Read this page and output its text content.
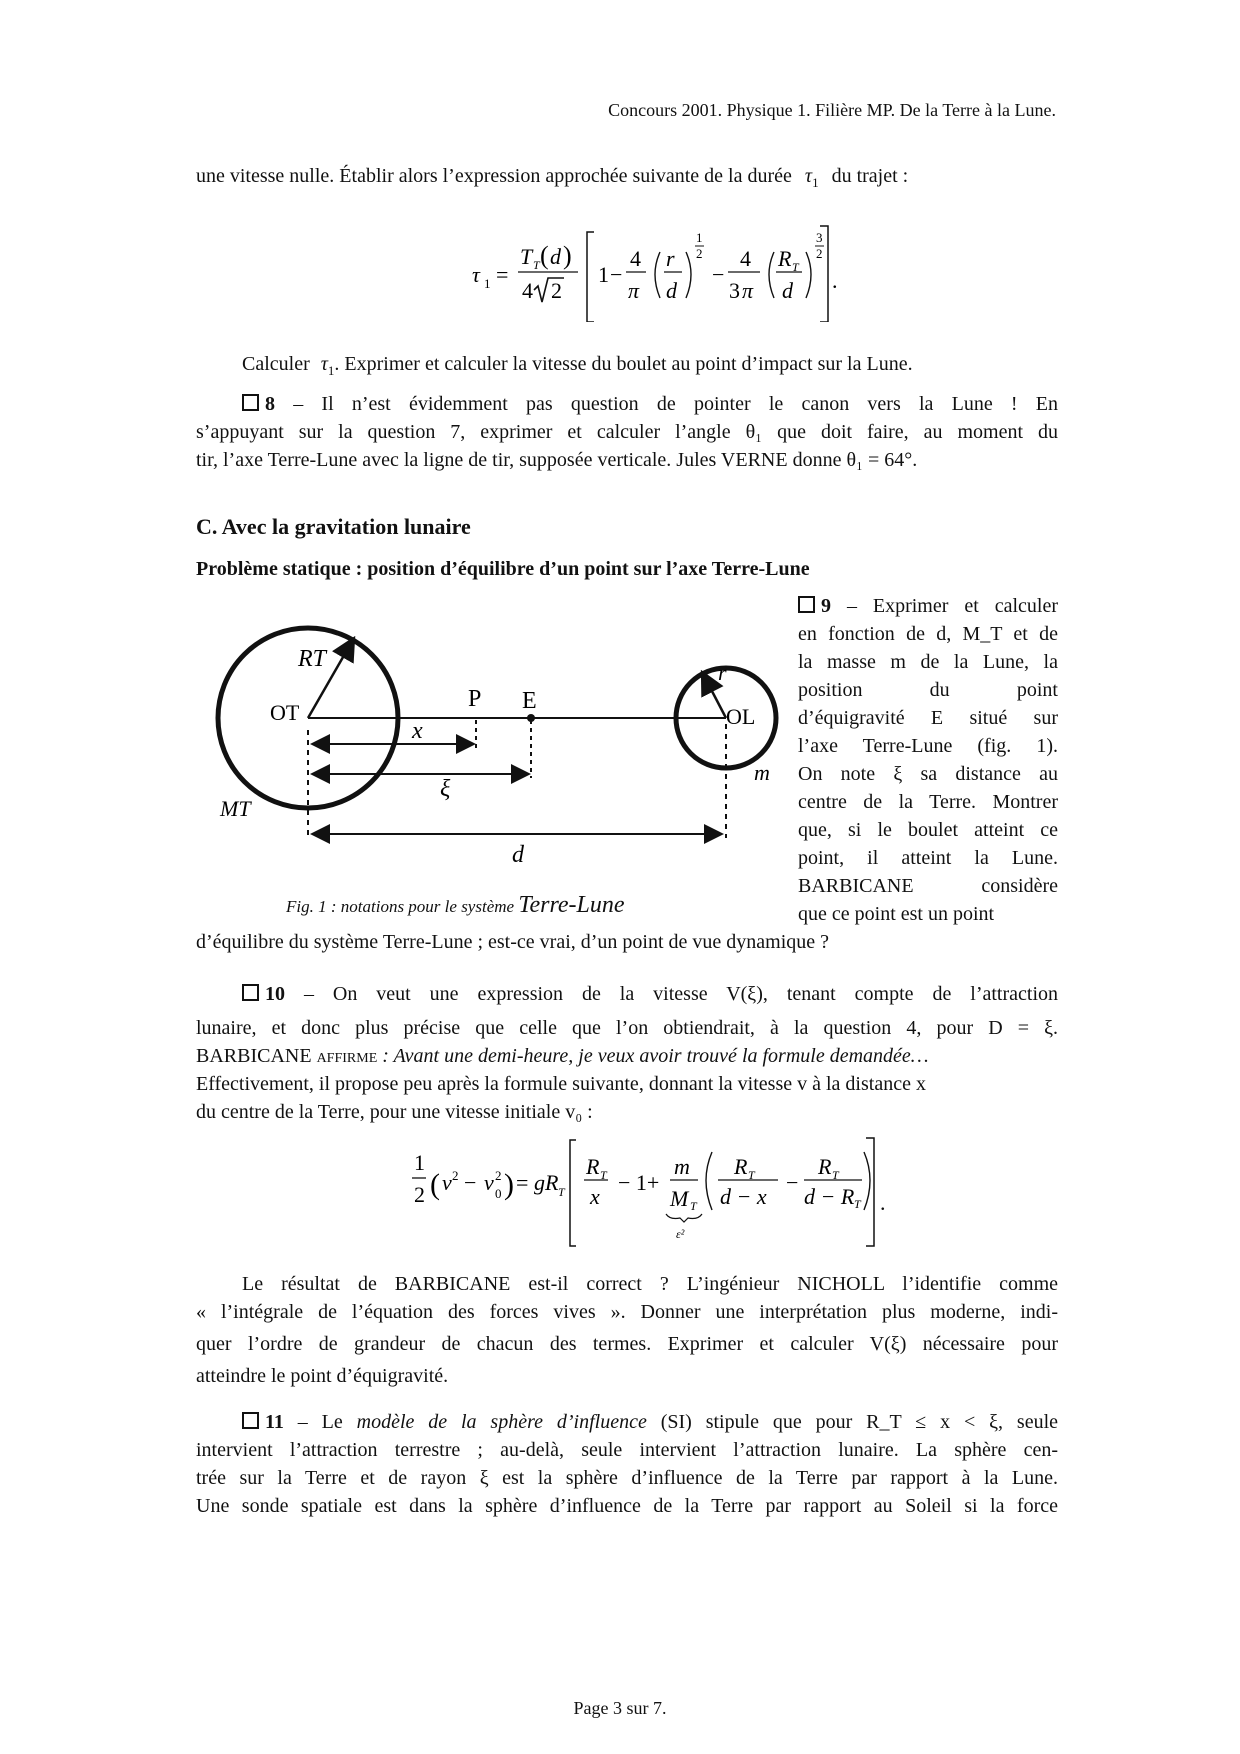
Concours 2001. Physique 1. Filière MP. De la Terre à la Lune.
une vitesse nulle. Établir alors l’expression approchée suivante de la durée $\tau_1$ du trajet :
τ 1 =
T T ( d )
4 2
1 −
4
π
r
d
1
2
−
4
3 π
R T
d
3
2
.
Calculer $\tau_1$. Exprimer et calculer la vitesse du boulet au point d’impact sur la Lune.
8 – Il n’est évidemment pas question de pointer le canon vers la Lune ! En
s’appuyant sur la question 7, exprimer et calculer l’angle θ₁ que doit faire, au moment du
tir, l’axe Terre-Lune avec la ligne de tir, supposée verticale. Jules VERNE donne θ₁ = 64°.
C. Avec la gravitation lunaire
Problème statique : position d’équilibre d’un point sur l’axe Terre-Lune
9 – Exprimer et calculer
en fonction de d, M_T et de
la masse m de la Lune, la
position du point
d’équigravité E situé sur
l’axe Terre-Lune (fig. 1).
On note ξ sa distance au
centre de la Terre. Montrer
que, si le boulet atteint ce
point, il atteint la Lune.
BARBICANE considère
que ce point est un point
d’équilibre du système Terre-Lune ; est-ce vrai, d’un point de vue dynamique ?
RT
OT
MT
P E
r
OL
m
x
ξ
d
Fig. 1 : notations pour le système Terre-Lune
10 – On veut une expression de la vitesse V(ξ), tenant compte de l’attraction
lunaire, et donc plus précise que celle que l’on obtiendrait, à la question 4, pour D = ξ.
BARBICANE affirme : Avant une demi-heure, je veux avoir trouvé la formule demandée…
Effectivement, il propose peu après la formule suivante, donnant la vitesse v à la distance x
du centre de la Terre, pour une vitesse initiale v₀ :
1
2 ( v 2 − v 0
2 ) = gR T
R T
x
− 1+
m
M T
ε²
R T
d − x
−
R T
d − R T .
Le résultat de BARBICANE est-il correct ? L’ingénieur NICHOLL l’identifie comme
« l’intégrale de l’équation des forces vives ». Donner une interprétation plus moderne, indi-
quer l’ordre de grandeur de chacun des termes. Exprimer et calculer V(ξ) nécessaire pour
atteindre le point d’équigravité.
11 – Le modèle de la sphère d’influence (SI) stipule que pour R_T ≤ x < ξ, seule
intervient l’attraction terrestre ; au-delà, seule intervient l’attraction lunaire. La sphère cen-
trée sur la Terre et de rayon ξ est la sphère d’influence de la Terre par rapport à la Lune.
Une sonde spatiale est dans la sphère d’influence de la Terre par rapport au Soleil si la force
Page 3 sur 7.
